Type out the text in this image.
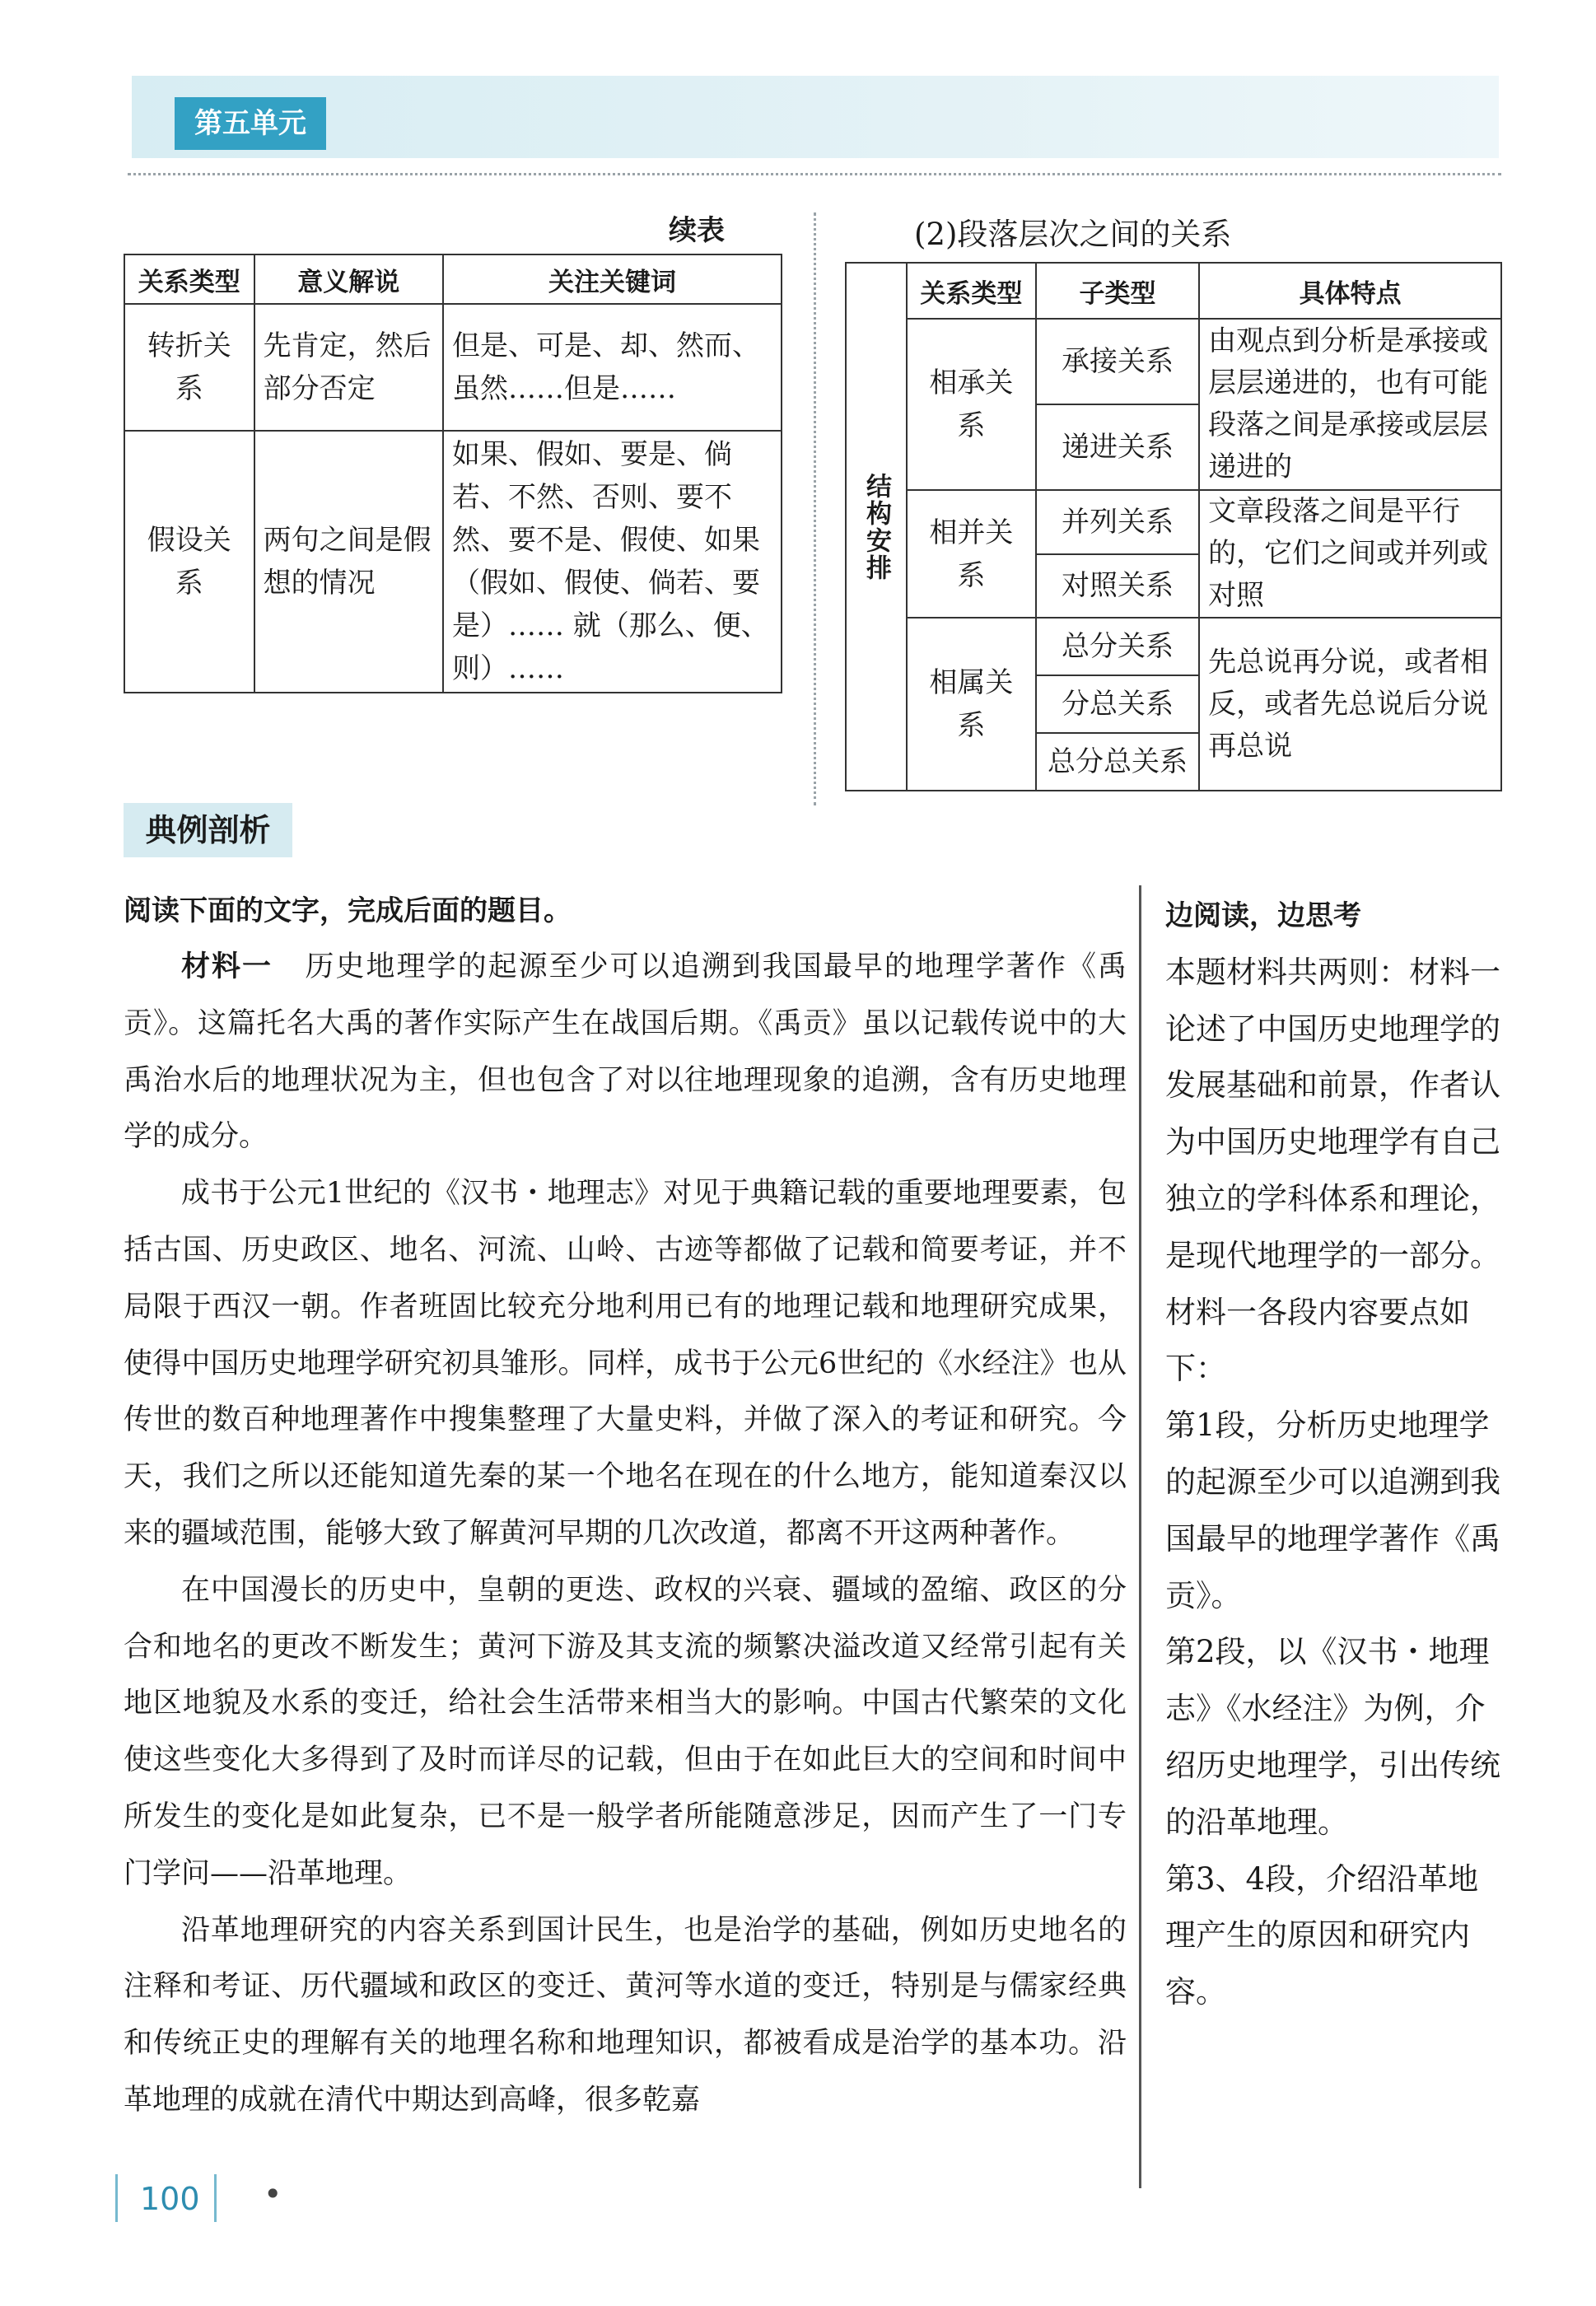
第五单元
续表
关系类型	意义解说	关注关键词
转折关系	先肯定，然后部分否定	但是、可是、却、然而、虽然……但是……
假设关系	两句之间是假想的情况	如果、假如、要是、倘若、不然、否则、要不然、要不是、假使、如果（假如、假使、倘若、要是）…… 就（那么、便、则）……
(2)段落层次之间的关系
结构安排	关系类型	子类型	具体特点
	相承关系	承接关系	由观点到分析是承接或层层递进的，也有可能段落之间是承接或层层递进的
		递进关系	
	相并关系	并列关系	文章段落之间是平行的，它们之间或并列或对照
		对照关系	
	相属关系	总分关系	先总说再分说，或者相反，或者先总说后分说再总说
		分总关系	
		总分总关系	
典例剖析
阅读下面的文字，完成后面的题目。

材料一 历史地理学的起源至少可以追溯到我国最早的地理学著作《禹贡》。这篇托名大禹的著作实际产生在战国后期。《禹贡》虽以记载传说中的大禹治水后的地理状况为主，但也包含了对以往地理现象的追溯，含有历史地理学的成分。

成书于公元1世纪的《汉书・地理志》对见于典籍记载的重要地理要素，包括古国、历史政区、地名、河流、山岭、古迹等都做了记载和简要考证，并不局限于西汉一朝。作者班固比较充分地利用已有的地理记载和地理研究成果，使得中国历史地理学研究初具雏形。同样，成书于公元6世纪的《水经注》也从传世的数百种地理著作中搜集整理了大量史料，并做了深入的考证和研究。今天，我们之所以还能知道先秦的某一个地名在现在的什么地方，能知道秦汉以来的疆域范围，能够大致了解黄河早期的几次改道，都离不开这两种著作。

在中国漫长的历史中，皇朝的更迭、政权的兴衰、疆域的盈缩、政区的分合和地名的更改不断发生；黄河下游及其支流的频繁决溢改道又经常引起有关地区地貌及水系的变迁，给社会生活带来相当大的影响。中国古代繁荣的文化使这些变化大多得到了及时而详尽的记载，但由于在如此巨大的空间和时间中所发生的变化是如此复杂，已不是一般学者所能随意涉足，因而产生了一门专门学问——沿革地理。

沿革地理研究的内容关系到国计民生，也是治学的基础，例如历史地名的注释和考证、历代疆域和政区的变迁、黄河等水道的变迁，特别是与儒家经典和传统正史的理解有关的地理名称和地理知识，都被看成是治学的基本功。沿革地理的成就在清代中期达到高峰，很多乾嘉

边阅读，边思考

本题材料共两则：材料一论述了中国历史地理学的发展基础和前景，作者认为中国历史地理学有自己独立的学科体系和理论，是现代地理学的一部分。

材料一各段内容要点如下：

第1段，分析历史地理学的起源至少可以追溯到我国最早的地理学著作《禹贡》。

第2段，以《汉书・地理志》《水经注》为例，介绍历史地理学，引出传统的沿革地理。

第3、4段，介绍沿革地理产生的原因和研究内容。

100 •
